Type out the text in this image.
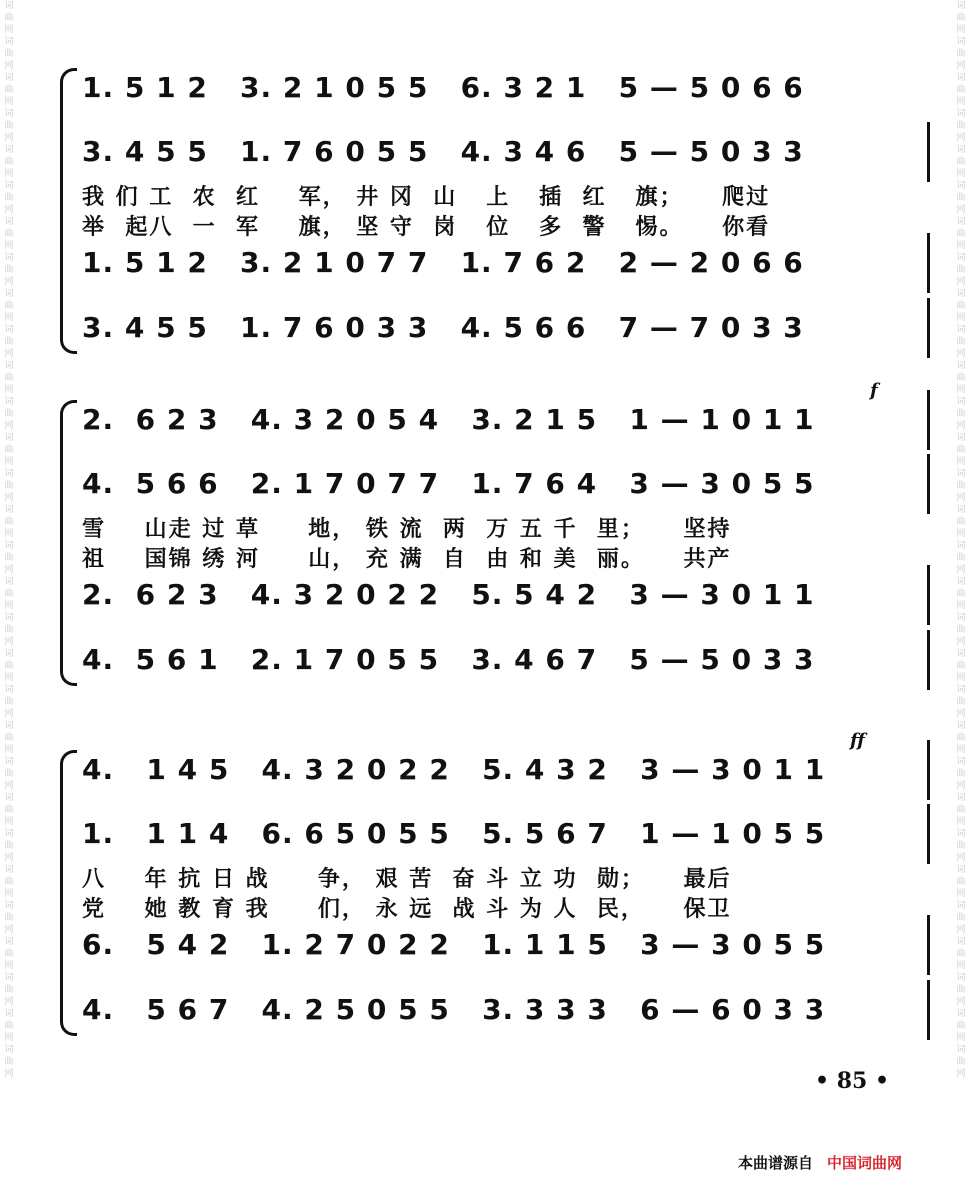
词曲网词曲网词曲网词曲网词曲网词曲网词曲网词曲网词曲网词曲网词曲网词曲网词曲网词曲网词曲网词曲网词曲网词曲网词曲网词曲网词曲网词曲网词曲网词曲网词曲网词曲网词曲网词曲网词曲网词曲网
词曲网词曲网词曲网词曲网词曲网词曲网词曲网词曲网词曲网词曲网词曲网词曲网词曲网词曲网词曲网词曲网词曲网词曲网词曲网词曲网词曲网词曲网词曲网词曲网词曲网词曲网词曲网词曲网词曲网词曲网
1. 5 1 2   3. 2 1 0 5 5   6. 3 2 1   5 — 5 0 6 6
3. 4 5 5   1. 7 6 0 5 5   4. 3 4 6   5 — 5 0 3 3
我 们 工  农  红    军， 井 冈  山   上   插  红   旗；    爬过
举  起八  一  军    旗， 坚 守  岗   位   多  警   惕。    你看
1. 5 1 2   3. 2 1 0 7 7   1. 7 6 2   2 — 2 0 6 6
3. 4 5 5   1. 7 6 0 3 3   4. 5 6 6   7 — 7 0 3 3
f
2.  6 2 3   4. 3 2 0 5 4   3. 2 1 5   1 — 1 0 1 1
4.  5 6 6   2. 1 7 0 7 7   1. 7 6 4   3 — 3 0 5 5
雪    山走 过 草     地， 铁 流  两  万 五 千  里；    坚持
祖    国锦 绣 河     山， 充 满  自  由 和 美  丽。    共产
2.  6 2 3   4. 3 2 0 2 2   5. 5 4 2   3 — 3 0 1 1
4.  5 6 1   2. 1 7 0 5 5   3. 4 6 7   5 — 5 0 3 3
ff
4.   1 4 5   4. 3 2 0 2 2   5. 4 3 2   3 — 3 0 1 1
1.   1 1 4   6. 6 5 0 5 5   5. 5 6 7   1 — 1 0 5 5
八    年 抗 日 战     争， 艰 苦  奋 斗 立 功  勋；    最后
党    她 教 育 我     们， 永 远  战 斗 为 人  民，    保卫
6.   5 4 2   1. 2 7 0 2 2   1. 1 1 5   3 — 3 0 5 5
4.   5 6 7   4. 2 5 0 5 5   3. 3 3 3   6 — 6 0 3 3
• 85 •
本曲谱源自 中国词曲网
